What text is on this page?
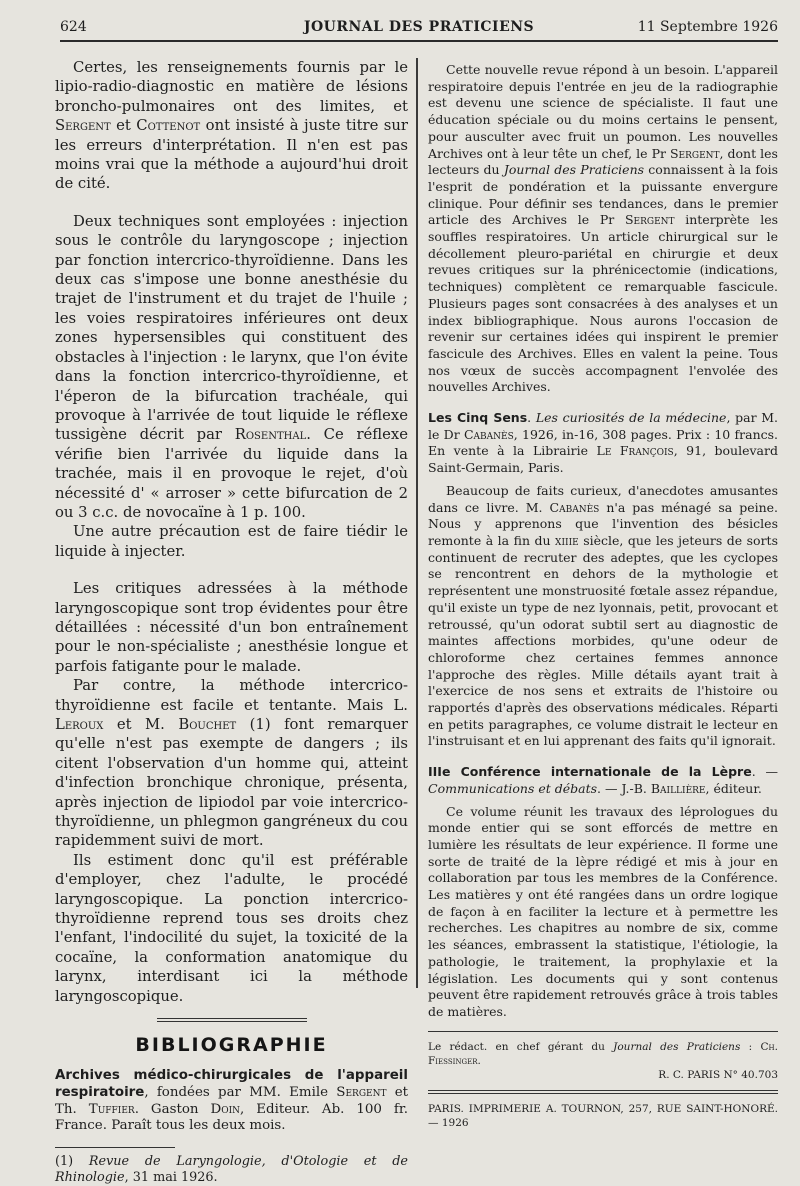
624	JOURNAL DES PRATICIENS	11 Septembre 1926

Certes, les renseignements fournis par le lipio-radio-diagnostic en matière de lésions broncho-pulmonaires ont des limites, et Sergent et Cottenot ont insisté à juste titre sur les erreurs d'interprétation. Il n'en est pas moins vrai que la méthode a aujourd'hui droit de cité.

Deux techniques sont employées : injection sous le contrôle du laryngoscope ; injection par fonction intercrico-thyroïdienne. Dans les deux cas s'impose une bonne anesthésie du trajet de l'instrument et du trajet de l'huile ; les voies respiratoires inférieures ont deux zones hypersensibles qui constituent des obstacles à l'injection : le larynx, que l'on évite dans la fonction intercrico-thyroïdienne, et l'éperon de la bifurcation trachéale, qui provoque à l'arrivée de tout liquide le réflexe tussigène décrit par Rosenthal. Ce réflexe vérifie bien l'arrivée du liquide dans la trachée, mais il en provoque le rejet, d'où nécessité d' « arroser » cette bifurcation de 2 ou 3 c.c. de novocaïne à 1 p. 100.

Une autre précaution est de faire tiédir le liquide à injecter.

Les critiques adressées à la méthode laryngoscopique sont trop évidentes pour être détaillées : nécessité d'un bon entraînement pour le non-spécialiste ; anesthésie longue et parfois fatigante pour le malade.

Par contre, la méthode intercrico-thyroïdienne est facile et tentante. Mais L. Leroux et M. Bouchet (1) font remarquer qu'elle n'est pas exempte de dangers ; ils citent l'observation d'un homme qui, atteint d'infection bronchique chronique, présenta, après injection de lipiodol par voie intercrico-thyroïdienne, un phlegmon gangréneux du cou rapidemment suivi de mort.

Ils estiment donc qu'il est préférable d'employer, chez l'adulte, le procédé laryngoscopique. La ponction intercrico-thyroïdienne reprend tous ses droits chez l'enfant, l'indocilité du sujet, la toxicité de la cocaïne, la conformation anatomique du larynx, interdisant ici la méthode laryngoscopique.

BIBLIOGRAPHIE

Archives médico-chirurgicales de l'appareil respiratoire, fondées par MM. Emile Sergent et Th. Tuffier. Gaston Doin, Editeur. Ab. 100 fr. France. Paraît tous les deux mois.

(1) Revue de Laryngologie, d'Otologie et de Rhinologie, 31 mai 1926.

Cette nouvelle revue répond à un besoin. L'appareil respiratoire depuis l'entrée en jeu de la radiographie est devenu une science de spécialiste. Il faut une éducation spéciale ou du moins certains le pensent, pour ausculter avec fruit un poumon. Les nouvelles Archives ont à leur tête un chef, le Pr Sergent, dont les lecteurs du Journal des Praticiens connaissent à la fois l'esprit de pondération et la puissante envergure clinique. Pour définir ses tendances, dans le premier article des Archives le Pr Sergent interprète les souffles respiratoires. Un article chirurgical sur le décollement pleuro-pariétal en chirurgie et deux revues critiques sur la phrénicectomie (indications, techniques) complètent ce remarquable fascicule. Plusieurs pages sont consacrées à des analyses et un index bibliographique. Nous aurons l'occasion de revenir sur certaines idées qui inspirent le premier fascicule des Archives. Elles en valent la peine. Tous nos vœux de succès accompagnent l'envolée des nouvelles Archives.

Les Cinq Sens. Les curiosités de la médecine, par M. le Dr Cabanès, 1926, in-16, 308 pages. Prix : 10 francs. En vente à la Librairie Le François, 91, boulevard Saint-Germain, Paris.

Beaucoup de faits curieux, d'anecdotes amusantes dans ce livre. M. Cabanès n'a pas ménagé sa peine. Nous y apprenons que l'invention des bésicles remonte à la fin du xiiie siècle, que les jeteurs de sorts continuent de recruter des adeptes, que les cyclopes se rencontrent en dehors de la mythologie et représentent une monstruosité fœtale assez répandue, qu'il existe un type de nez lyonnais, petit, provocant et retroussé, qu'un odorat subtil sert au diagnostic de maintes affections morbides, qu'une odeur de chloroforme chez certaines femmes annonce l'approche des règles. Mille détails ayant trait à l'exercice de nos sens et extraits de l'histoire ou rapportés d'après des observations médicales. Réparti en petits paragraphes, ce volume distrait le lecteur en l'instruisant et en lui apprenant des faits qu'il ignorait.

IIIe Conférence internationale de la Lèpre. — Communications et débats. — J.-B. Baillière, éditeur.

Ce volume réunit les travaux des léprologues du monde entier qui se sont efforcés de mettre en lumière les résultats de leur expérience. Il forme une sorte de traité de la lèpre rédigé et mis à jour en collaboration par tous les membres de la Conférence. Les matières y ont été rangées dans un ordre logique de façon à en faciliter la lecture et à permettre les recherches. Les chapitres au nombre de six, comme les séances, embrassent la statistique, l'étiologie, la pathologie, le traitement, la prophylaxie et la législation. Les documents qui y sont contenus peuvent être rapidement retrouvés grâce à trois tables de matières.

Le rédact. en chef gérant du Journal des Praticiens : Ch. Fiessinger.

R. C. PARIS N° 40.703

PARIS. IMPRIMERIE A. TOURNON, 257, RUE SAINT-HONORÉ. — 1926
